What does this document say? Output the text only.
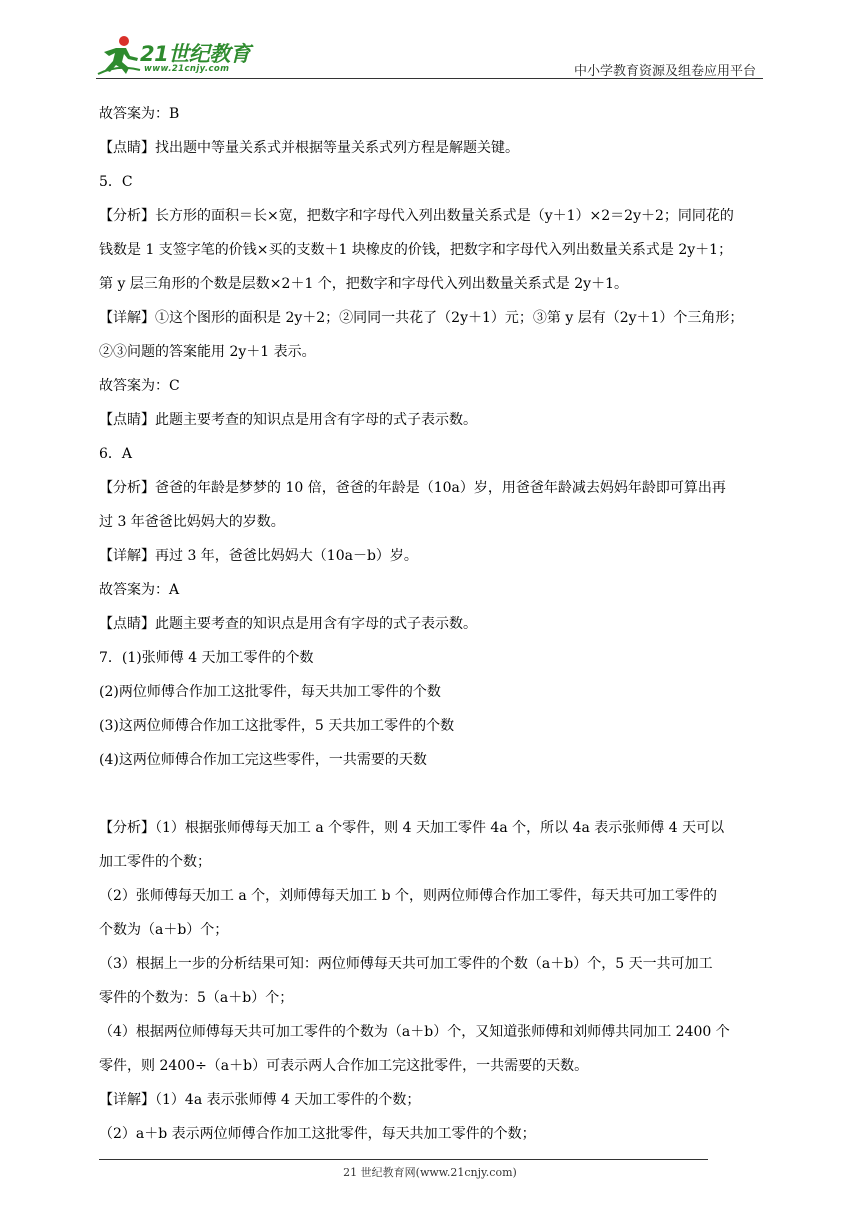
21世纪教育
www.21cnjy.com	中小学教育资源及组卷应用平台
故答案为：B
【点睛】找出题中等量关系式并根据等量关系式列方程是解题关键。
5．C
【分析】长方形的面积＝长×宽，把数字和字母代入列出数量关系式是（y＋1）×2＝2y＋2；同同花的
钱数是 1 支签字笔的价钱×买的支数＋1 块橡皮的价钱，把数字和字母代入列出数量关系式是 2y＋1；
第 y 层三角形的个数是层数×2＋1 个，把数字和字母代入列出数量关系式是 2y＋1。
【详解】①这个图形的面积是 2y＋2；②同同一共花了（2y＋1）元；③第 y 层有（2y＋1）个三角形；
②③问题的答案能用 2y＋1 表示。
故答案为：C
【点睛】此题主要考查的知识点是用含有字母的式子表示数。
6．A
【分析】爸爸的年龄是梦梦的 10 倍，爸爸的年龄是（10a）岁，用爸爸年龄减去妈妈年龄即可算出再
过 3 年爸爸比妈妈大的岁数。
【详解】再过 3 年，爸爸比妈妈大（10a－b）岁。
故答案为：A
【点睛】此题主要考查的知识点是用含有字母的式子表示数。
7．(1)张师傅 4 天加工零件的个数
(2)两位师傅合作加工这批零件，每天共加工零件的个数
(3)这两位师傅合作加工这批零件，5 天共加工零件的个数
(4)这两位师傅合作加工完这些零件，一共需要的天数
【分析】（1）根据张师傅每天加工 a 个零件，则 4 天加工零件 4a 个，所以 4a 表示张师傅 4 天可以
加工零件的个数；
（2）张师傅每天加工 a 个，刘师傅每天加工 b 个，则两位师傅合作加工零件，每天共可加工零件的
个数为（a＋b）个；
（3）根据上一步的分析结果可知：两位师傅每天共可加工零件的个数（a＋b）个，5 天一共可加工
零件的个数为：5（a＋b）个；
（4）根据两位师傅每天共可加工零件的个数为（a＋b）个，又知道张师傅和刘师傅共同加工 2400 个
零件，则 2400÷（a＋b）可表示两人合作加工完这批零件，一共需要的天数。
【详解】（1）4a 表示张师傅 4 天加工零件的个数；
（2）a＋b 表示两位师傅合作加工这批零件，每天共加工零件的个数；
21 世纪教育网(www.21cnjy.com)
